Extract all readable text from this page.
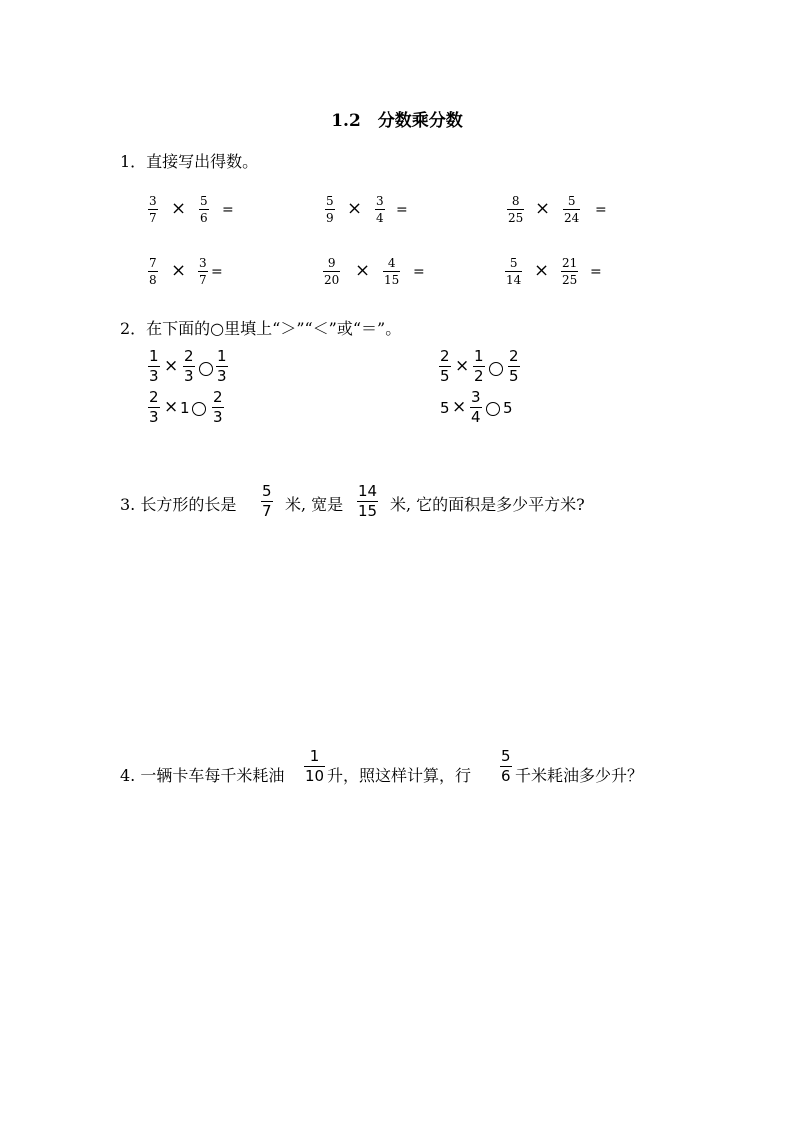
1.2　分数乘分数
1．直接写出得数。
$\frac{3}{7} \times \frac{5}{6}$ =	$\frac{5}{9} \times \frac{3}{4}$ =	$\frac{8}{25} \times \frac{5}{24}$ =
$\frac{7}{8} \times \frac{3}{7}$ =	$\frac{9}{20} \times \frac{4}{15}$ =	$\frac{5}{14} \times \frac{21}{25}$ =
2．在下面的○里填上“＞”“＜”或“＝”。
$\frac{1}{3} \times \frac{2}{3} \frac{1}{3}$	$\frac{2}{5} \times \frac{1}{2} \frac{2}{5}$
$\frac{2}{3} \times 1 \frac{2}{3}$	$5 \times \frac{3}{4} 5$
3. 长方形的长是 $\frac{5}{7}$ 米, 宽是 $\frac{14}{15}$ 米, 它的面积是多少平方米?
4. 一辆卡车每千米耗油 $\frac{1}{10}$ 升，照这样计算，行 $\frac{5}{6}$ 千米耗油多少升？
